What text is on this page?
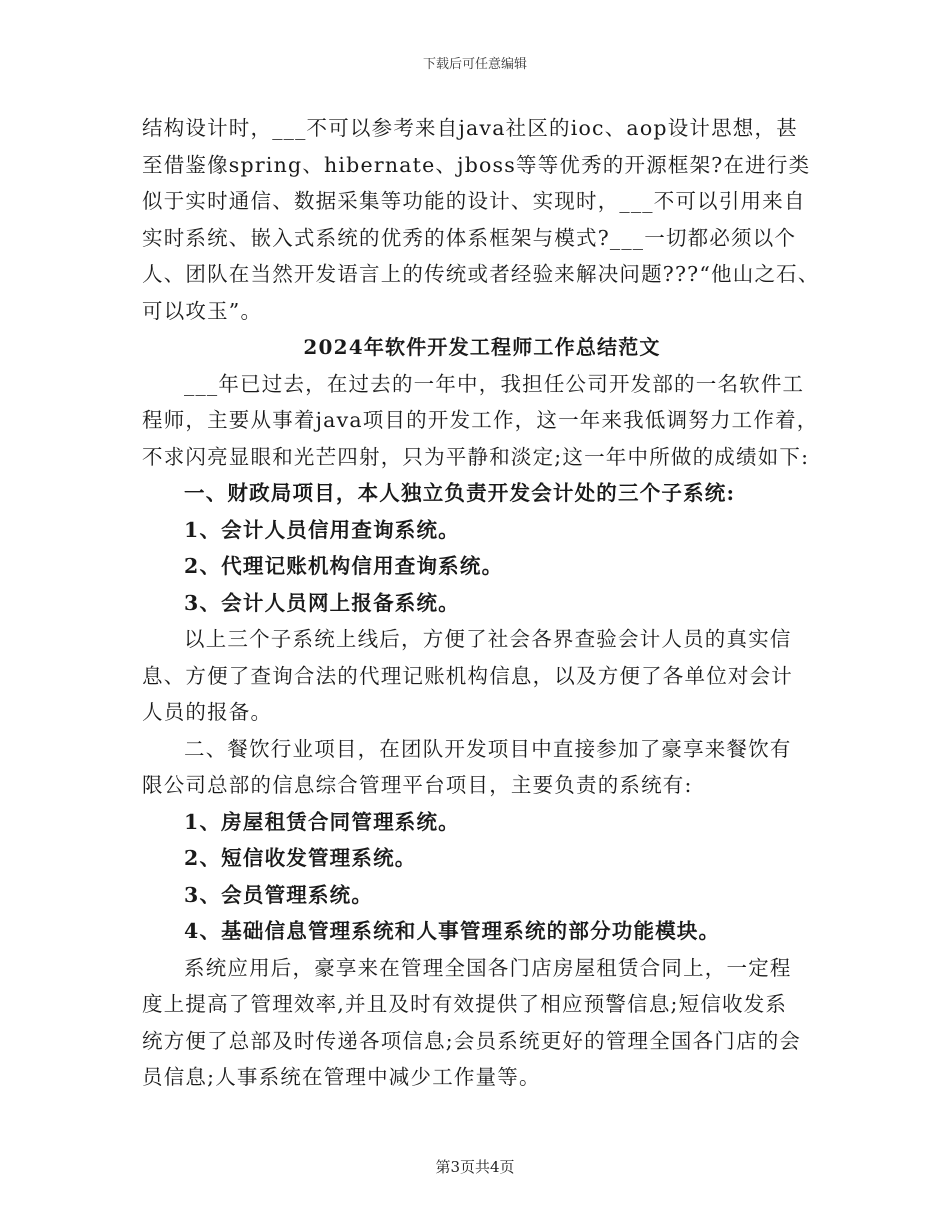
下载后可任意编辑
结构设计时，___不可以参考来自java社区的ioc、aop设计思想，甚
至借鉴像spring、hibernate、jboss等等优秀的开源框架?在进行类
似于实时通信、数据采集等功能的设计、实现时，___不可以引用来自
实时系统、嵌入式系统的优秀的体系框架与模式?___一切都必须以个
人、团队在当然开发语言上的传统或者经验来解决问题???“他山之石、
可以攻玉”。
2024年软件开发工程师工作总结范文
___年已过去，在过去的一年中，我担任公司开发部的一名软件工
程师，主要从事着java项目的开发工作，这一年来我低调努力工作着，
不求闪亮显眼和光芒四射，只为平静和淡定;这一年中所做的成绩如下:
一、财政局项目，本人独立负责开发会计处的三个子系统:
1、会计人员信用查询系统。
2、代理记账机构信用查询系统。
3、会计人员网上报备系统。
以上三个子系统上线后，方便了社会各界查验会计人员的真实信
息、方便了查询合法的代理记账机构信息，以及方便了各单位对会计
人员的报备。
二、餐饮行业项目，在团队开发项目中直接参加了豪享来餐饮有
限公司总部的信息综合管理平台项目，主要负责的系统有:
1、房屋租赁合同管理系统。
2、短信收发管理系统。
3、会员管理系统。
4、基础信息管理系统和人事管理系统的部分功能模块。
系统应用后，豪享来在管理全国各门店房屋租赁合同上，一定程
度上提高了管理效率,并且及时有效提供了相应预警信息;短信收发系
统方便了总部及时传递各项信息;会员系统更好的管理全国各门店的会
员信息;人事系统在管理中减少工作量等。
第3页共4页
